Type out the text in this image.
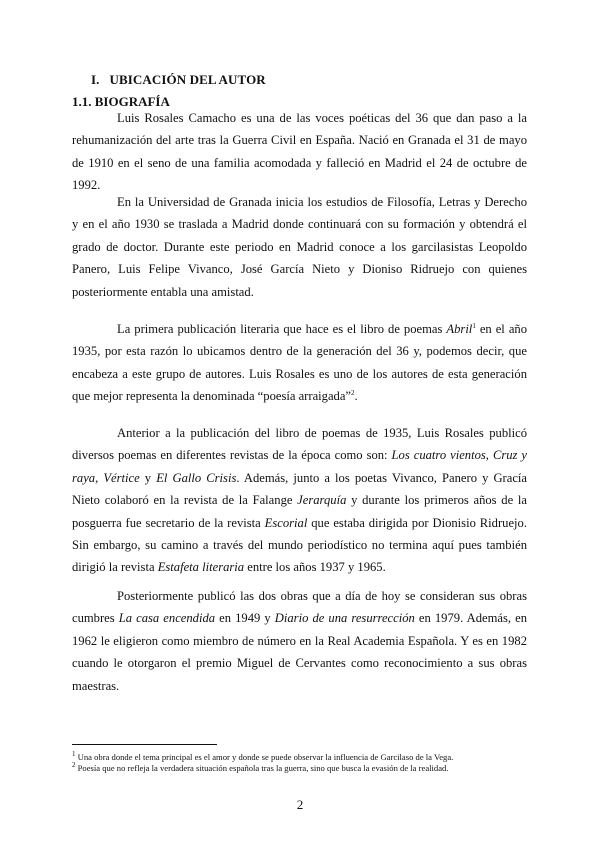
I. UBICACIÓN DEL AUTOR
1.1. BIOGRAFÍA

Luis Rosales Camacho es una de las voces poéticas del 36 que dan paso a la rehumanización del arte tras la Guerra Civil en España. Nació en Granada el 31 de mayo de 1910 en el seno de una familia acomodada y falleció en Madrid el 24 de octubre de 1992.

En la Universidad de Granada inicia los estudios de Filosofía, Letras y Derecho y en el año 1930 se traslada a Madrid donde continuará con su formación y obtendrá el grado de doctor. Durante este periodo en Madrid conoce a los garcilasistas Leopoldo Panero, Luis Felipe Vivanco, José García Nieto y Dioniso Ridruejo con quienes posteriormente entabla una amistad.

La primera publicación literaria que hace es el libro de poemas Abril$^1$ en el año 1935, por esta razón lo ubicamos dentro de la generación del 36 y, podemos decir, que encabeza a este grupo de autores. Luis Rosales es uno de los autores de esta generación que mejor representa la denominada “poesía arraigada”$^2$.

Anterior a la publicación del libro de poemas de 1935, Luis Rosales publicó diversos poemas en diferentes revistas de la época como son: Los cuatro vientos, Cruz y raya, Vértice y El Gallo Crisis. Además, junto a los poetas Vivanco, Panero y Gracía Nieto colaboró en la revista de la Falange Jerarquía y durante los primeros años de la posguerra fue secretario de la revista Escorial que estaba dirigida por Dionisio Ridruejo. Sin embargo, su camino a través del mundo periodístico no termina aquí pues también dirigió la revista Estafeta literaria entre los años 1937 y 1965.

Posteriormente publicó las dos obras que a día de hoy se consideran sus obras cumbres La casa encendida en 1949 y Diario de una resurrección en 1979. Además, en 1962 le eligieron como miembro de número en la Real Academia Española. Y es en 1982 cuando le otorgaron el premio Miguel de Cervantes como reconocimiento a sus obras maestras.

$^1$ Una obra donde el tema principal es el amor y donde se puede observar la influencia de Garcilaso de la Vega.
$^2$ Poesía que no refleja la verdadera situación española tras la guerra, sino que busca la evasión de la realidad.
2
